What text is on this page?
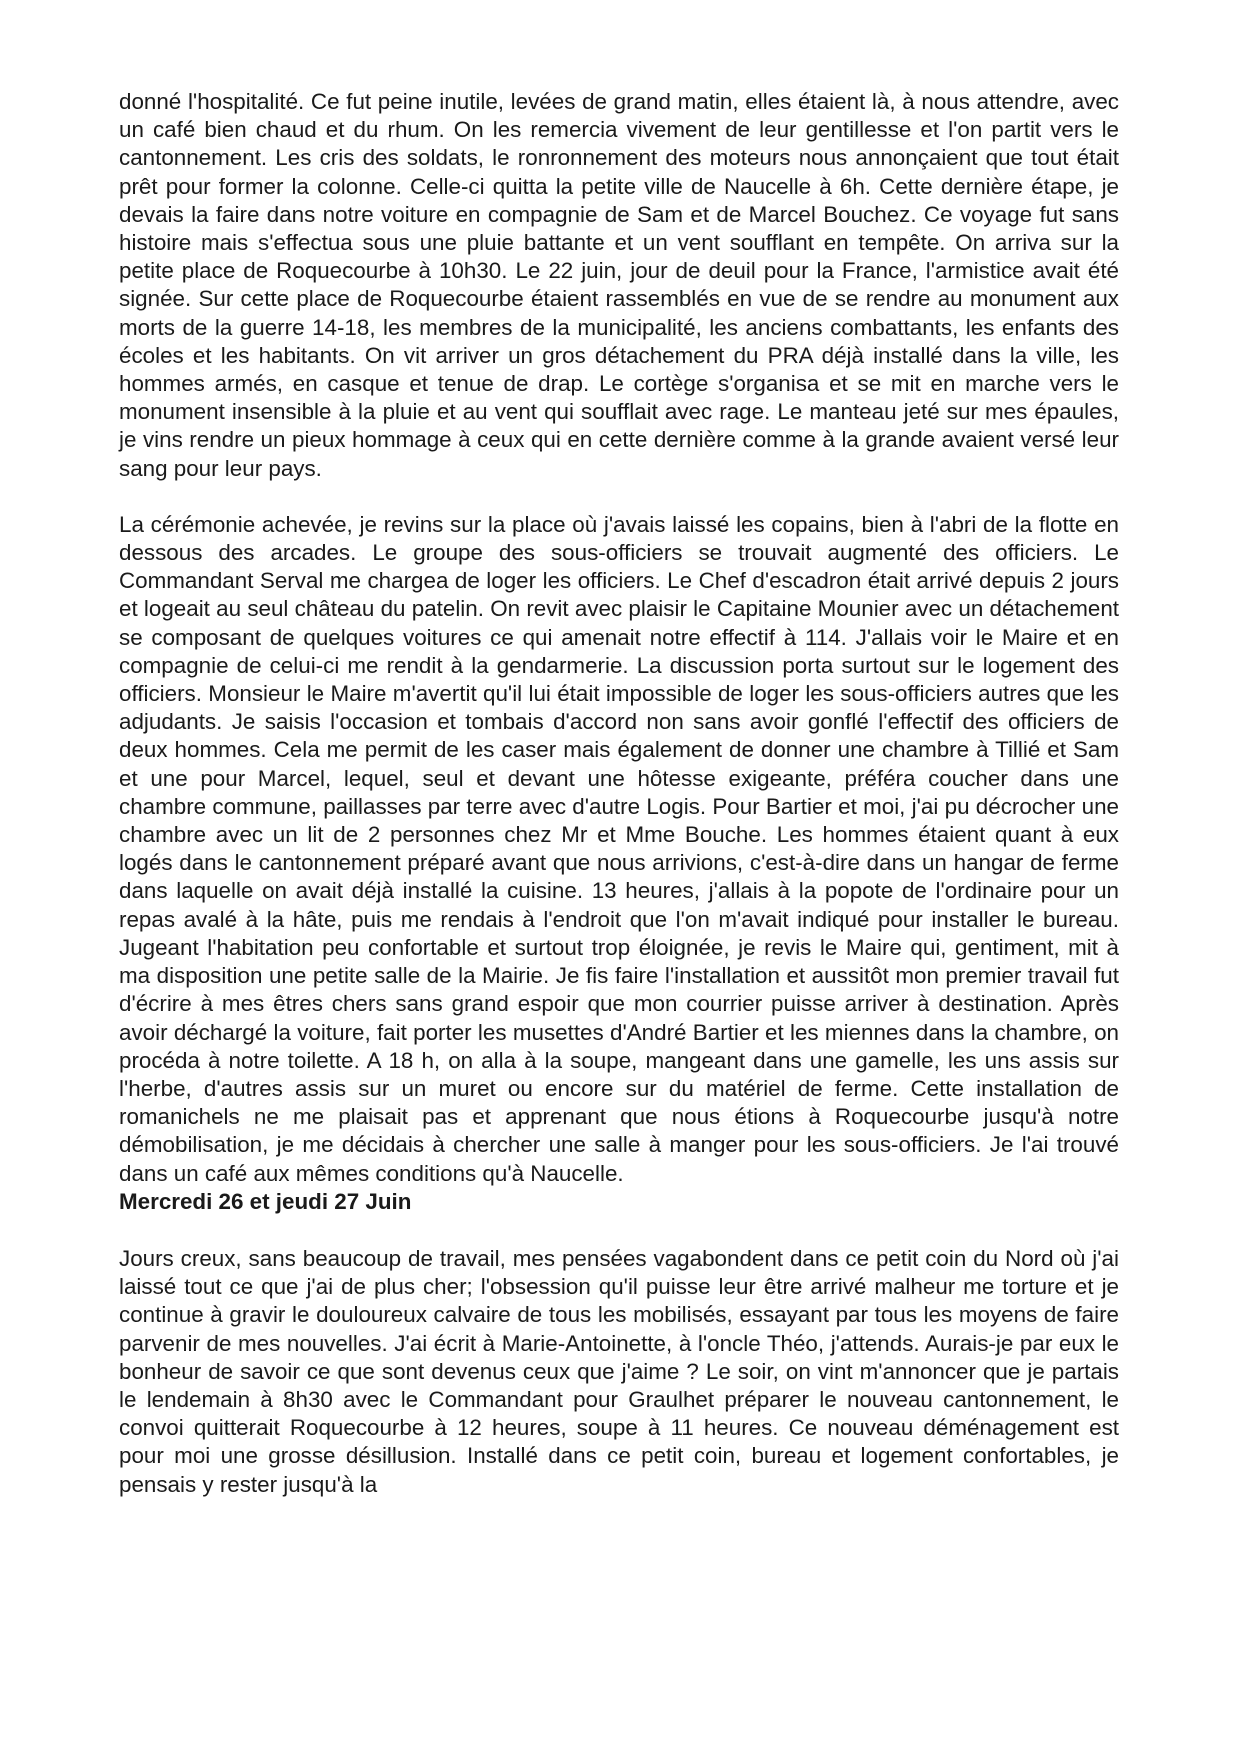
donné l'hospitalité. Ce fut peine inutile, levées de grand matin, elles étaient là, à nous attendre, avec un café bien chaud et du rhum. On les remercia vivement de leur gentillesse et l'on partit vers le cantonnement. Les cris des soldats, le ronronnement des moteurs nous annonçaient que tout était prêt pour former la colonne. Celle-ci quitta la petite ville de Naucelle à 6h. Cette dernière étape, je devais la faire dans notre voiture en compagnie de Sam et de Marcel Bouchez. Ce voyage fut sans histoire mais s'effectua sous une pluie battante et un vent soufflant en tempête. On arriva sur la petite place de Roquecourbe à 10h30. Le 22 juin, jour de deuil pour la France, l'armistice avait été signée. Sur cette place de Roquecourbe étaient rassemblés en vue de se rendre au monument aux morts de la guerre 14-18, les membres de la municipalité, les anciens combattants, les enfants des écoles et les habitants. On vit arriver un gros détachement du PRA déjà installé dans la ville, les hommes armés, en casque et tenue de drap. Le cortège s'organisa et se mit en marche vers le monument insensible à la pluie et au vent qui soufflait avec rage. Le manteau jeté sur mes épaules, je vins rendre un pieux hommage à ceux qui en cette dernière comme à la grande avaient versé leur sang pour leur pays.

La cérémonie achevée, je revins sur la place où j'avais laissé les copains, bien à l'abri de la flotte en dessous des arcades. Le groupe des sous-officiers se trouvait augmenté des officiers. Le Commandant Serval me chargea de loger les officiers. Le Chef d'escadron était arrivé depuis 2 jours et logeait au seul château du patelin. On revit avec plaisir le Capitaine Mounier avec un détachement se composant de quelques voitures ce qui amenait notre effectif à 114. J'allais voir le Maire et en compagnie de celui-ci me rendit à la gendarmerie. La discussion porta surtout sur le logement des officiers. Monsieur le Maire m'avertit qu'il lui était impossible de loger les sous-officiers autres que les adjudants. Je saisis l'occasion et tombais d'accord non sans avoir gonflé l'effectif des officiers de deux hommes. Cela me permit de les caser mais également de donner une chambre à Tillié et Sam et une pour Marcel, lequel, seul et devant une hôtesse exigeante, préféra coucher dans une chambre commune, paillasses par terre avec d'autre Logis. Pour Bartier et moi, j'ai pu décrocher une chambre avec un lit de 2 personnes chez Mr et Mme Bouche. Les hommes étaient quant à eux logés dans le cantonnement préparé avant que nous arrivions, c'est-à-dire dans un hangar de ferme dans laquelle on avait déjà installé la cuisine. 13 heures, j'allais à la popote de l'ordinaire pour un repas avalé à la hâte, puis me rendais à l'endroit que l'on m'avait indiqué pour installer le bureau. Jugeant l'habitation peu confortable et surtout trop éloignée, je revis le Maire qui, gentiment, mit à ma disposition une petite salle de la Mairie. Je fis faire l'installation et aussitôt mon premier travail fut d'écrire à mes êtres chers sans grand espoir que mon courrier puisse arriver à destination. Après avoir déchargé la voiture, fait porter les musettes d'André Bartier et les miennes dans la chambre, on procéda à notre toilette. A 18 h, on alla à la soupe, mangeant dans une gamelle, les uns assis sur l'herbe, d'autres assis sur un muret ou encore sur du matériel de ferme. Cette installation de romanichels ne me plaisait pas et apprenant que nous étions à Roquecourbe jusqu'à notre démobilisation, je me décidais à chercher une salle à manger pour les sous-officiers. Je l'ai trouvé dans un café aux mêmes conditions qu'à Naucelle.

Mercredi 26 et jeudi 27 Juin

Jours creux, sans beaucoup de travail, mes pensées vagabondent dans ce petit coin du Nord où j'ai laissé tout ce que j'ai de plus cher; l'obsession qu'il puisse leur être arrivé malheur me torture et je continue à gravir le douloureux calvaire de tous les mobilisés, essayant par tous les moyens de faire parvenir de mes nouvelles. J'ai écrit à Marie-Antoinette, à l'oncle Théo, j'attends. Aurais-je par eux le bonheur de savoir ce que sont devenus ceux que j'aime ? Le soir, on vint m'annoncer que je partais le lendemain à 8h30 avec le Commandant pour Graulhet préparer le nouveau cantonnement, le convoi quitterait Roquecourbe à 12 heures, soupe à 11 heures. Ce nouveau déménagement est pour moi une grosse désillusion. Installé dans ce petit coin, bureau et logement confortables, je pensais y rester jusqu'à la
